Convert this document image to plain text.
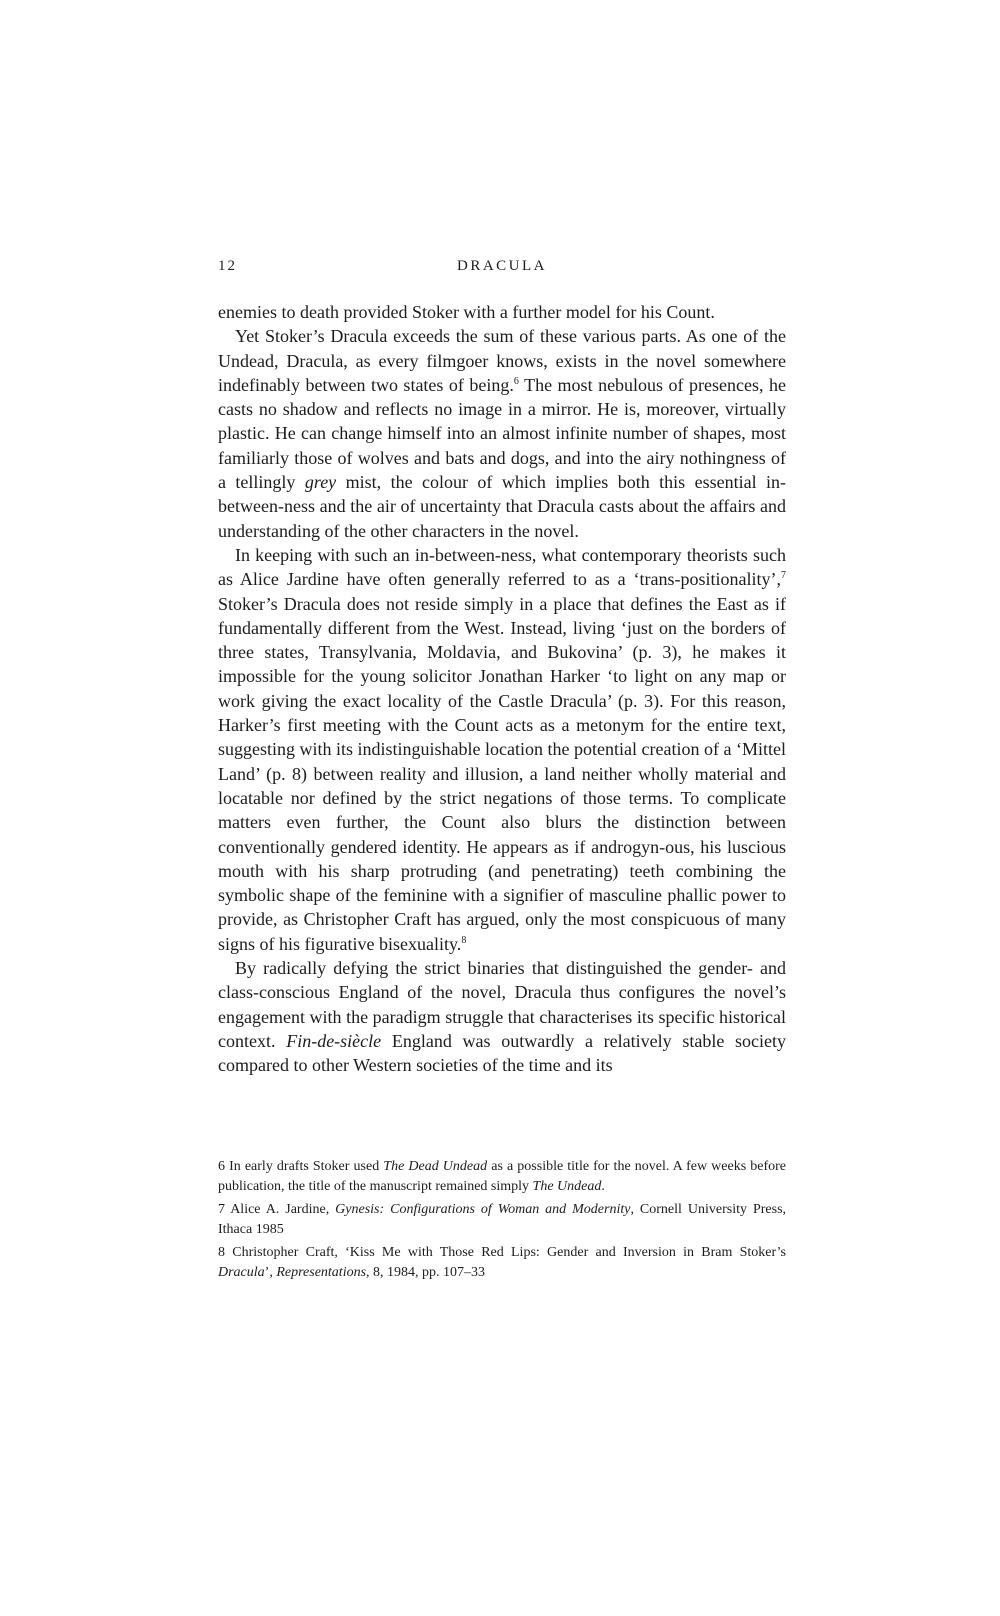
12	DRACULA

enemies to death provided Stoker with a further model for his Count.

Yet Stoker’s Dracula exceeds the sum of these various parts. As one of the Undead, Dracula, as every filmgoer knows, exists in the novel somewhere indefinably between two states of being.$^6$ The most nebulous of presences, he casts no shadow and reflects no image in a mirror. He is, moreover, virtually plastic. He can change himself into an almost infinite number of shapes, most familiarly those of wolves and bats and dogs, and into the airy nothingness of a tellingly grey mist, the colour of which implies both this essential in-between-ness and the air of uncertainty that Dracula casts about the affairs and understanding of the other characters in the novel.

In keeping with such an in-between-ness, what contemporary theorists such as Alice Jardine have often generally referred to as a ‘trans-positionality’,$^7$ Stoker’s Dracula does not reside simply in a place that defines the East as if fundamentally different from the West. Instead, living ‘just on the borders of three states, Transylvania, Moldavia, and Bukovina’ (p. 3), he makes it impossible for the young solicitor Jonathan Harker ‘to light on any map or work giving the exact locality of the Castle Dracula’ (p. 3). For this reason, Harker’s first meeting with the Count acts as a metonym for the entire text, suggesting with its indistinguishable location the potential creation of a ‘Mittel Land’ (p. 8) between reality and illusion, a land neither wholly material and locatable nor defined by the strict negations of those terms. To complicate matters even further, the Count also blurs the distinction between conventionally gendered identity. He appears as if androgyn-ous, his luscious mouth with his sharp protruding (and penetrating) teeth combining the symbolic shape of the feminine with a signifier of masculine phallic power to provide, as Christopher Craft has argued, only the most conspicuous of many signs of his figurative bisexuality.$^8$

By radically defying the strict binaries that distinguished the gender- and class-conscious England of the novel, Dracula thus configures the novel’s engagement with the paradigm struggle that characterises its specific historical context. Fin-de-siècle England was outwardly a relatively stable society compared to other Western societies of the time and its

6 In early drafts Stoker used The Dead Undead as a possible title for the novel. A few weeks before publication, the title of the manuscript remained simply The Undead.

7 Alice A. Jardine, Gynesis: Configurations of Woman and Modernity, Cornell University Press, Ithaca 1985

8 Christopher Craft, ‘Kiss Me with Those Red Lips: Gender and Inversion in Bram Stoker’s Dracula’, Representations, 8, 1984, pp. 107–33
